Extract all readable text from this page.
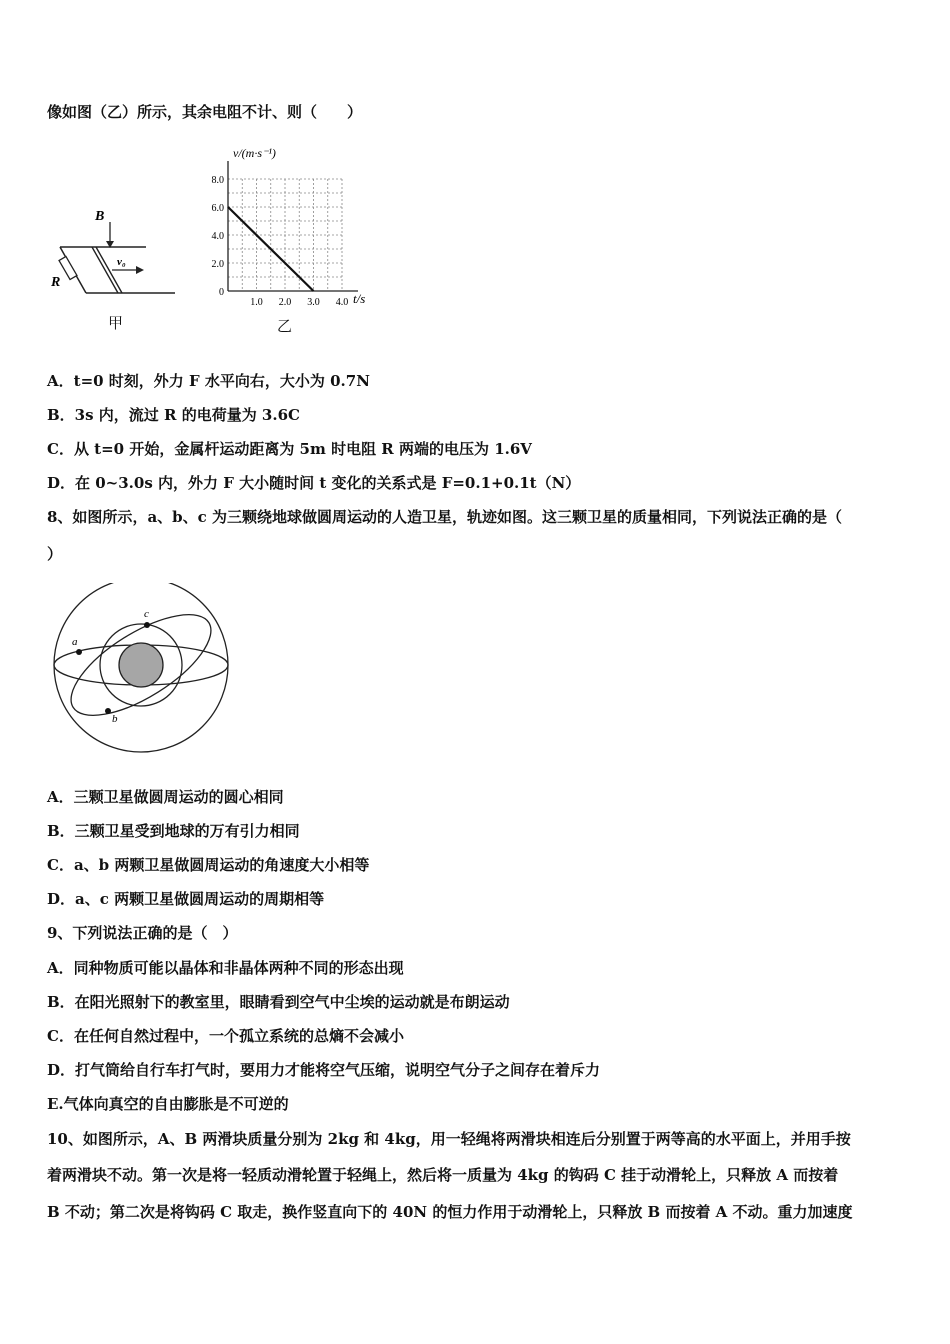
像如图（乙）所示，其余电阻不计、则（　　）
B
v₀
R
甲
v/(m·s⁻¹)
t/s
8.0
6.0
4.0
2.0
0
1.0 2.0 3.0 4.0
乙
A．t=0 时刻，外力 F 水平向右，大小为 0.7N
B．3s 内，流过 R 的电荷量为 3.6C
C．从 t=0 开始，金属杆运动距离为 5m 时电阻 R 两端的电压为 1.6V
D．在 0~3.0s 内，外力 F 大小随时间 t 变化的关系式是 F=0.1+0.1t（N）
8、如图所示，a、b、c 为三颗绕地球做圆周运动的人造卫星，轨迹如图。这三颗卫星的质量相同，下列说法正确的是（
）
a
c
b
A．三颗卫星做圆周运动的圆心相同
B．三颗卫星受到地球的万有引力相同
C．a、b 两颗卫星做圆周运动的角速度大小相等
D．a、c 两颗卫星做圆周运动的周期相等
9、下列说法正确的是（　）
A．同种物质可能以晶体和非晶体两种不同的形态出现
B．在阳光照射下的教室里，眼睛看到空气中尘埃的运动就是布朗运动
C．在任何自然过程中，一个孤立系统的总熵不会减小
D．打气筒给自行车打气时，要用力才能将空气压缩，说明空气分子之间存在着斥力
E.气体向真空的自由膨胀是不可逆的
10、如图所示，A、B 两滑块质量分别为 2kg 和 4kg，用一轻绳将两滑块相连后分别置于两等高的水平面上，并用手按
着两滑块不动。第一次是将一轻质动滑轮置于轻绳上，然后将一质量为 4kg 的钩码 C 挂于动滑轮上，只释放 A 而按着
B 不动；第二次是将钩码 C 取走，换作竖直向下的 40N 的恒力作用于动滑轮上，只释放 B 而按着 A 不动。重力加速度
